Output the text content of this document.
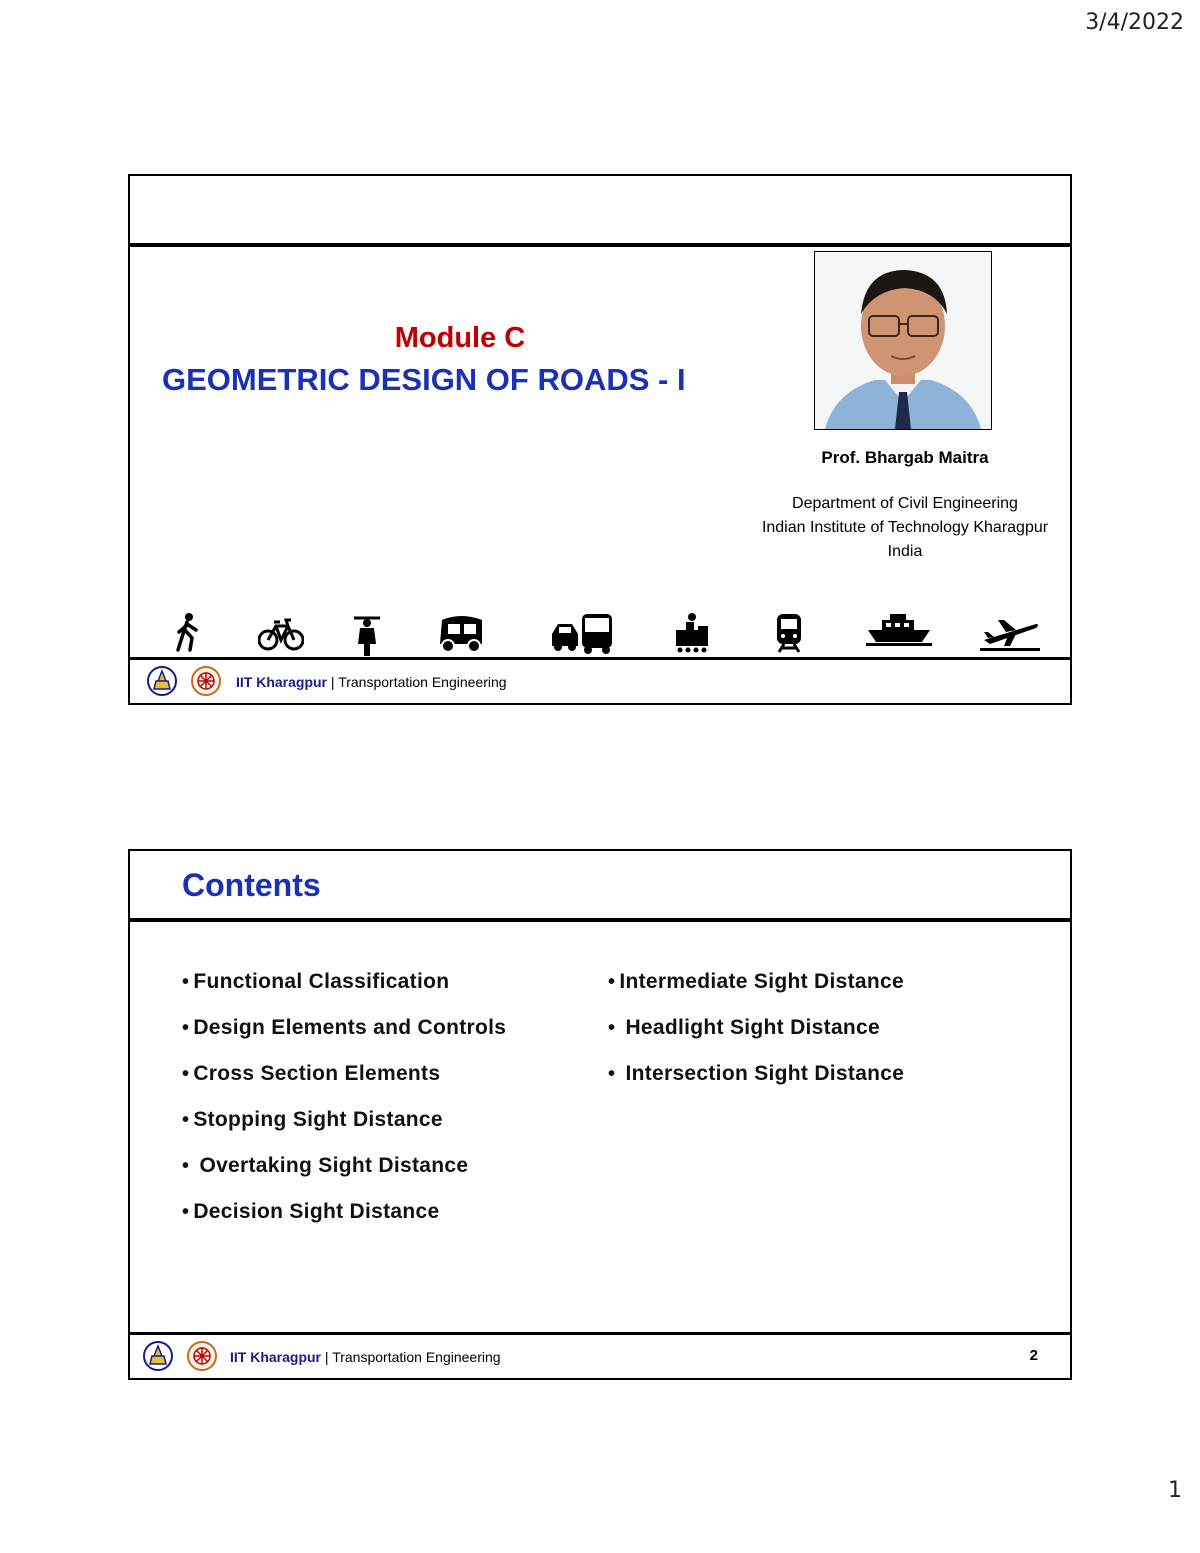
3/4/2022
Module C
GEOMETRIC DESIGN OF ROADS - I
Prof. Bhargab Maitra
Department of Civil Engineering
Indian Institute of Technology Kharagpur
India
IIT Kharagpur | Transportation Engineering
Contents
• Functional Classification
• Design Elements and Controls
• Cross Section Elements
• Stopping Sight Distance
•  Overtaking Sight Distance
• Decision Sight Distance
• Intermediate Sight Distance
•  Headlight Sight Distance
•  Intersection Sight Distance
IIT Kharagpur | Transportation Engineering	2
1
